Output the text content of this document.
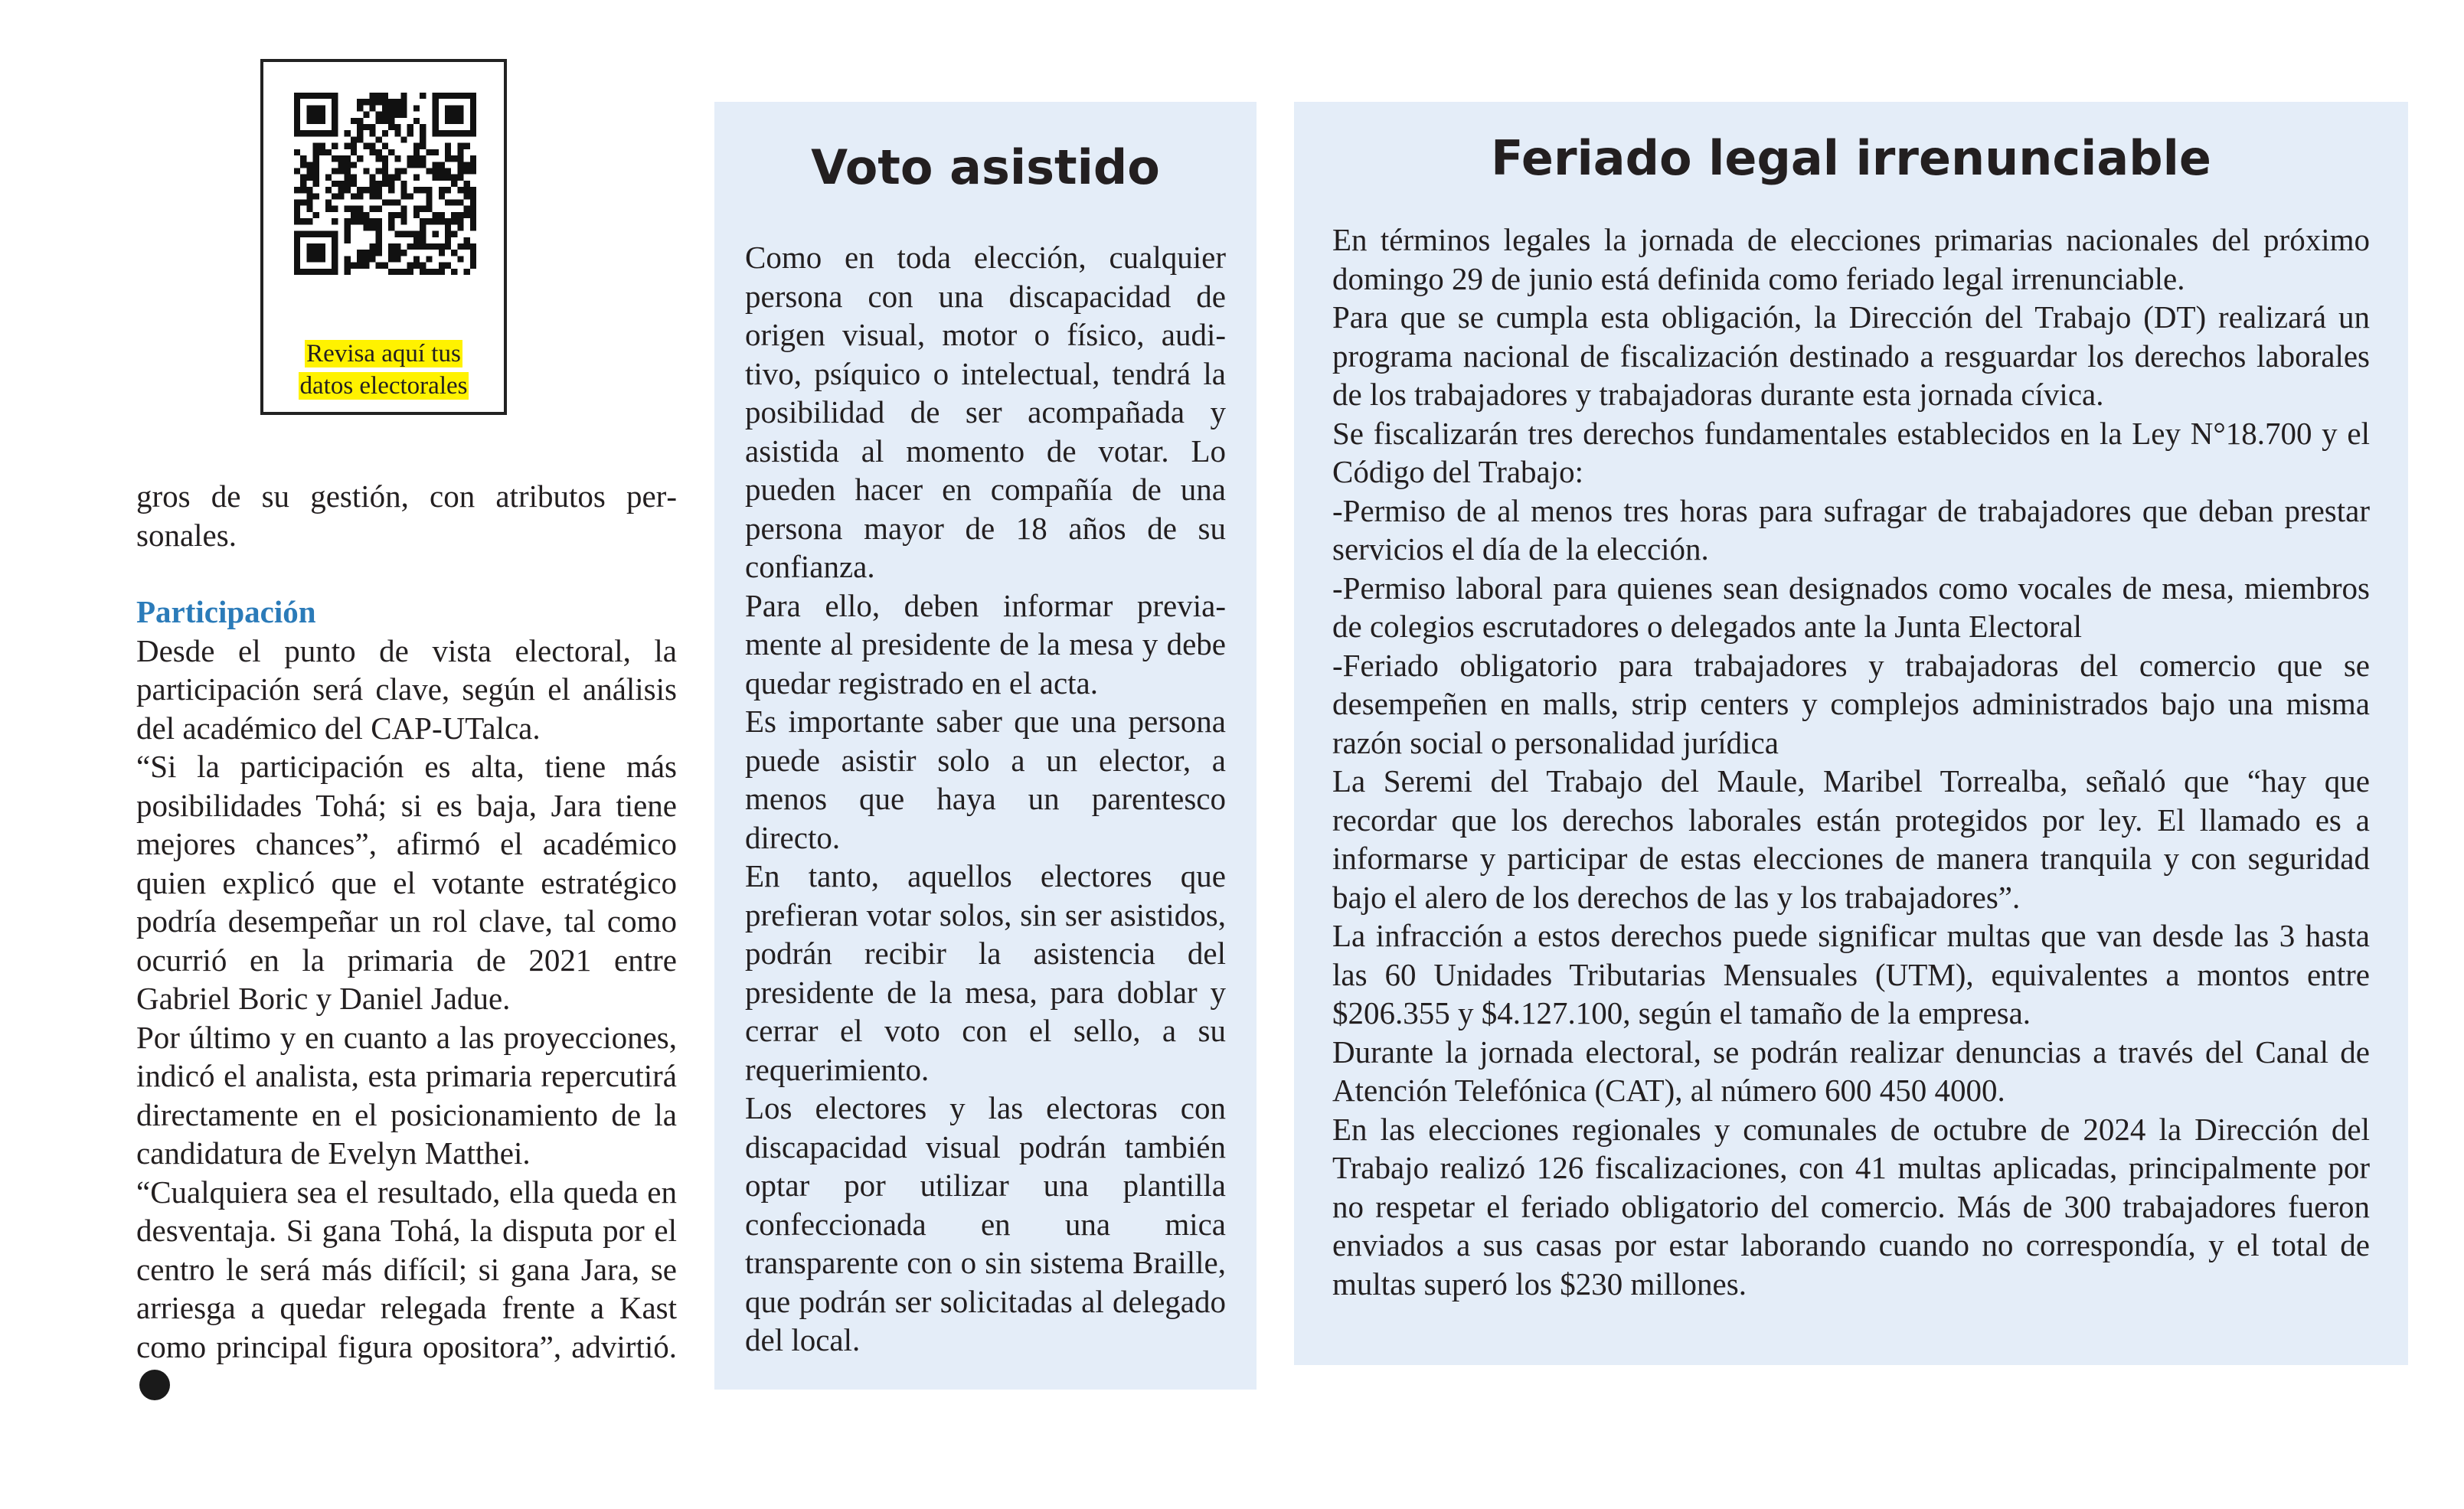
Revisa aquí tus
datos electorales

gros de su gestión, con atributos personales.

Participación

Desde el punto de vista electoral, la participación será clave, según el análisis del académico del CAP-UTalca.

“Si la participación es alta, tiene más posibilidades Tohá; si es baja, Jara tiene mejores chances”, afirmó el académico quien explicó que el votante estratégico podría desempeñar un rol clave, tal como ocurrió en la primaria de 2021 entre Gabriel Boric y Daniel Jadue.

Por último y en cuanto a las proyecciones, indicó el analista, esta primaria repercutirá directamente en el posicionamiento de la candidatura de Evelyn Matthei.

“Cualquiera sea el resultado, ella queda en desventaja. Si gana Tohá, la disputa por el centro le será más difícil; si gana Jara, se arriesga a quedar relegada frente a Kast como principal figura opositora”, advirtió.

Voto asistido

Como en toda elección, cualquier persona con una discapacidad de origen visual, motor o físico, auditivo, psíquico o intelectual, tendrá la posibilidad de ser acompañada y asistida al momento de votar. Lo pueden hacer en compañía de una persona mayor de 18 años de su confianza.

Para ello, deben informar previamente al presidente de la mesa y debe quedar registrado en el acta.

Es importante saber que una persona puede asistir solo a un elector, a menos que haya un parentesco directo.

En tanto, aquellos electores que prefieran votar solos, sin ser asistidos, podrán recibir la asistencia del presidente de la mesa, para doblar y cerrar el voto con el sello, a su requerimiento.

Los electores y las electoras con discapacidad visual podrán también optar por utilizar una plantilla confeccionada en una mica transparente con o sin sistema Braille, que podrán ser solicitadas al delegado del local.

Feriado legal irrenunciable

En términos legales la jornada de elecciones primarias nacionales del próximo domingo 29 de junio está definida como feriado legal irrenunciable.

Para que se cumpla esta obligación, la Dirección del Trabajo (DT) realizará un programa nacional de fiscalización destinado a resguardar los derechos laborales de los trabajadores y trabajadoras durante esta jornada cívica.

Se fiscalizarán tres derechos fundamentales establecidos en la Ley N°18.700 y el Código del Trabajo:

-Permiso de al menos tres horas para sufragar de trabajadores que deban prestar servicios el día de la elección.

-Permiso laboral para quienes sean designados como vocales de mesa, miembros de colegios escrutadores o delegados ante la Junta Electoral

-Feriado obligatorio para trabajadores y trabajadoras del comercio que se desempeñen en malls, strip centers y complejos administrados bajo una misma razón social o personalidad jurídica

La Seremi del Trabajo del Maule, Maribel Torrealba, señaló que “hay que recordar que los derechos laborales están protegidos por ley. El llamado es a informarse y participar de estas elecciones de manera tranquila y con seguridad bajo el alero de los derechos de las y los trabajadores”.

La infracción a estos derechos puede significar multas que van desde las 3 hasta las 60 Unidades Tributarias Mensuales (UTM), equivalentes a montos entre $206.355 y $4.127.100, según el tamaño de la empresa.

Durante la jornada electoral, se podrán realizar denuncias a través del Canal de Atención Telefónica (CAT), al número 600 450 4000.

En las elecciones regionales y comunales de octubre de 2024 la Dirección del Trabajo realizó 126 fiscalizaciones, con 41 multas aplicadas, principalmente por no respetar el feriado obligatorio del comercio. Más de 300 trabajadores fueron enviados a sus casas por estar laborando cuando no correspondía, y el total de multas superó los $230 millones.
